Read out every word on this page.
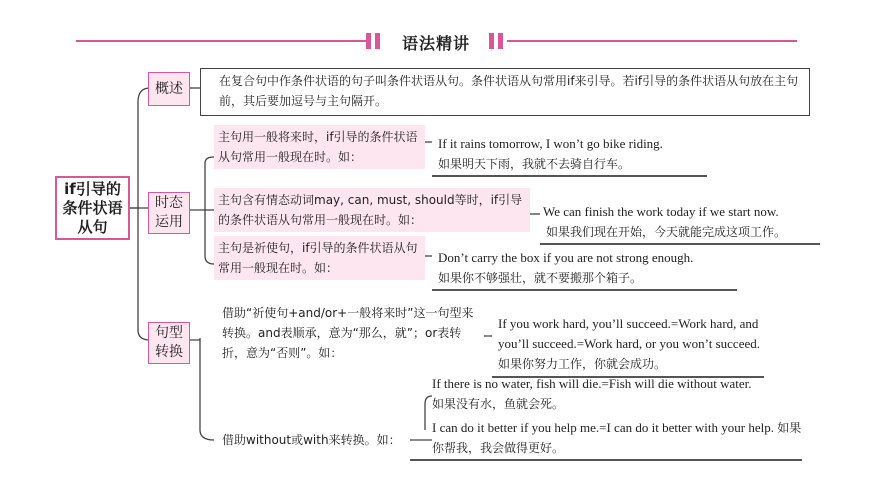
语法精讲
if引导的条件状语从句
概述
时态运用
句型转换
在复合句中作条件状语的句子叫条件状语从句。条件状语从句常用if来引导。若if引导的条件状语从句放在主句前，其后要加逗号与主句隔开。
主句用一般将来时，if引导的条件状语从句常用一般现在时。如：
If it rains tomorrow, I won’t go bike riding.
如果明天下雨，我就不去骑自行车。
主句含有情态动词may, can, must, should等时，if引导的条件状语从句常用一般现在时。如：
We can finish the work today if we start now.
如果我们现在开始，今天就能完成这项工作。
主句是祈使句，if引导的条件状语从句常用一般现在时。如：
Don’t carry the box if you are not strong enough.
如果你不够强壮，就不要搬那个箱子。
借助“祈使句+and/or+一般将来时”这一句型来转换。and表顺承，意为“那么，就”；or表转折，意为“否则”。如：
If you work hard, you’ll succeed.=Work hard, and you’ll succeed.=Work hard, or you won’t succeed. 如果你努力工作，你就会成功。
借助without或with来转换。如：
If there is no water, fish will die.=Fish will die without water.
如果没有水，鱼就会死。
I can do it better if you help me.=I can do it better with your help. 如果你帮我，我会做得更好。
